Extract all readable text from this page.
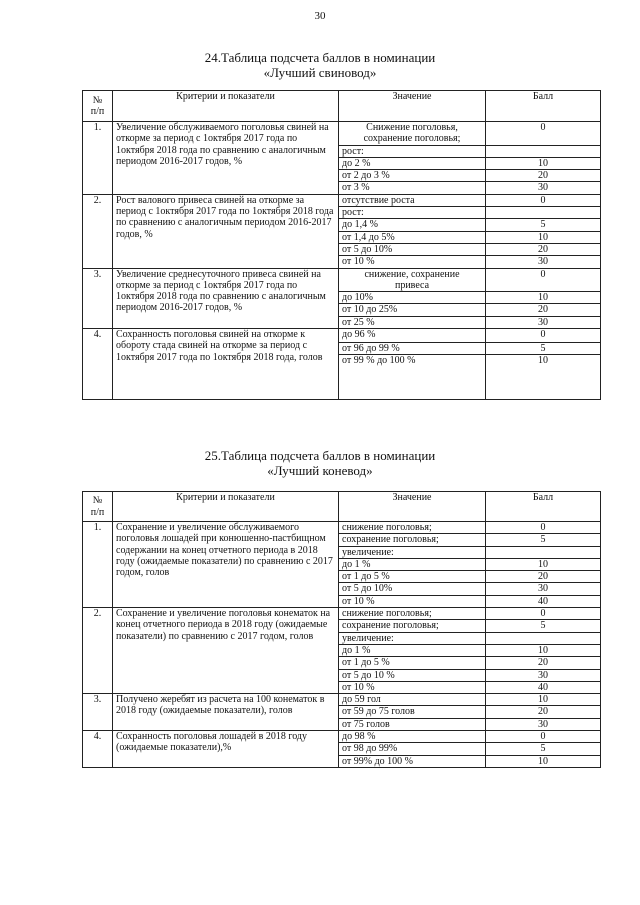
30
24.Таблица подсчета баллов в номинации
«Лучший свиновод»
№
п/п	Критерии и показатели	Значение	Балл
1.	Увеличение обслуживаемого поголовья свиней на откорме за период с 1октября 2017 года по 1октября 2018 года по сравнению с аналогичным периодом 2016-2017 годов, %	Снижение поголовья,
сохранение поголовья;	0
		рост:	
		до 2 %	10
		от 2 до 3 %	20
		от 3 %	30
2.	Рост валового привеса свиней на откорме за период с 1октября 2017 года по 1октября 2018 года по сравнению с аналогичным периодом 2016-2017 годов, %	отсутствие роста	0
		рост:	
		до 1,4 %	5
		от 1,4 до 5%	10
		от 5 до 10%	20
		от 10 %	30
3.	Увеличение среднесуточного привеса свиней на откорме за период с 1октября 2017 года по 1октября 2018 года по сравнению с аналогичным периодом 2016-2017 годов, %	снижение, сохранение
привеса	0
		до 10%	10
		от 10 до 25%	20
		от 25 %	30
4.	Сохранность поголовья свиней на откорме к обороту стада свиней на откорме за период с 1октября 2017 года по 1октября 2018 года, голов	до 96 %	0
		от 96 до 99 %	5
		от 99 % до 100 %	10
25.Таблица подсчета баллов в номинации
«Лучший коневод»
№
п/п	Критерии и показатели	Значение	Балл
1.	Сохранение и увеличение обслуживаемого поголовья лошадей при конюшенно-пастбищном содержании на конец отчетного периода в 2018 году (ожидаемые показатели) по сравнению с 2017 годом, голов	снижение поголовья;	0
		сохранение поголовья;	5
		увеличение:	
		до 1 %	10
		от 1 до 5 %	20
		от 5 до 10%	30
		от 10 %	40
2.	Сохранение и увеличение поголовья конематок на конец отчетного периода в 2018 году (ожидаемые показатели) по сравнению с 2017 годом, голов	снижение поголовья;	0
		сохранение поголовья;	5
		увеличение:	
		до 1 %	10
		от 1 до 5 %	20
		от 5 до 10 %	30
		от 10 %	40
3.	Получено жеребят из расчета на 100 конематок в 2018 году (ожидаемые показатели), голов	до 59 гол	10
		от 59 до 75 голов	20
		от 75 голов	30
4.	Сохранность поголовья лошадей в 2018 году (ожидаемые показатели),%	до 98 %	0
		от 98 до 99%	5
		от 99% до 100 %	10
